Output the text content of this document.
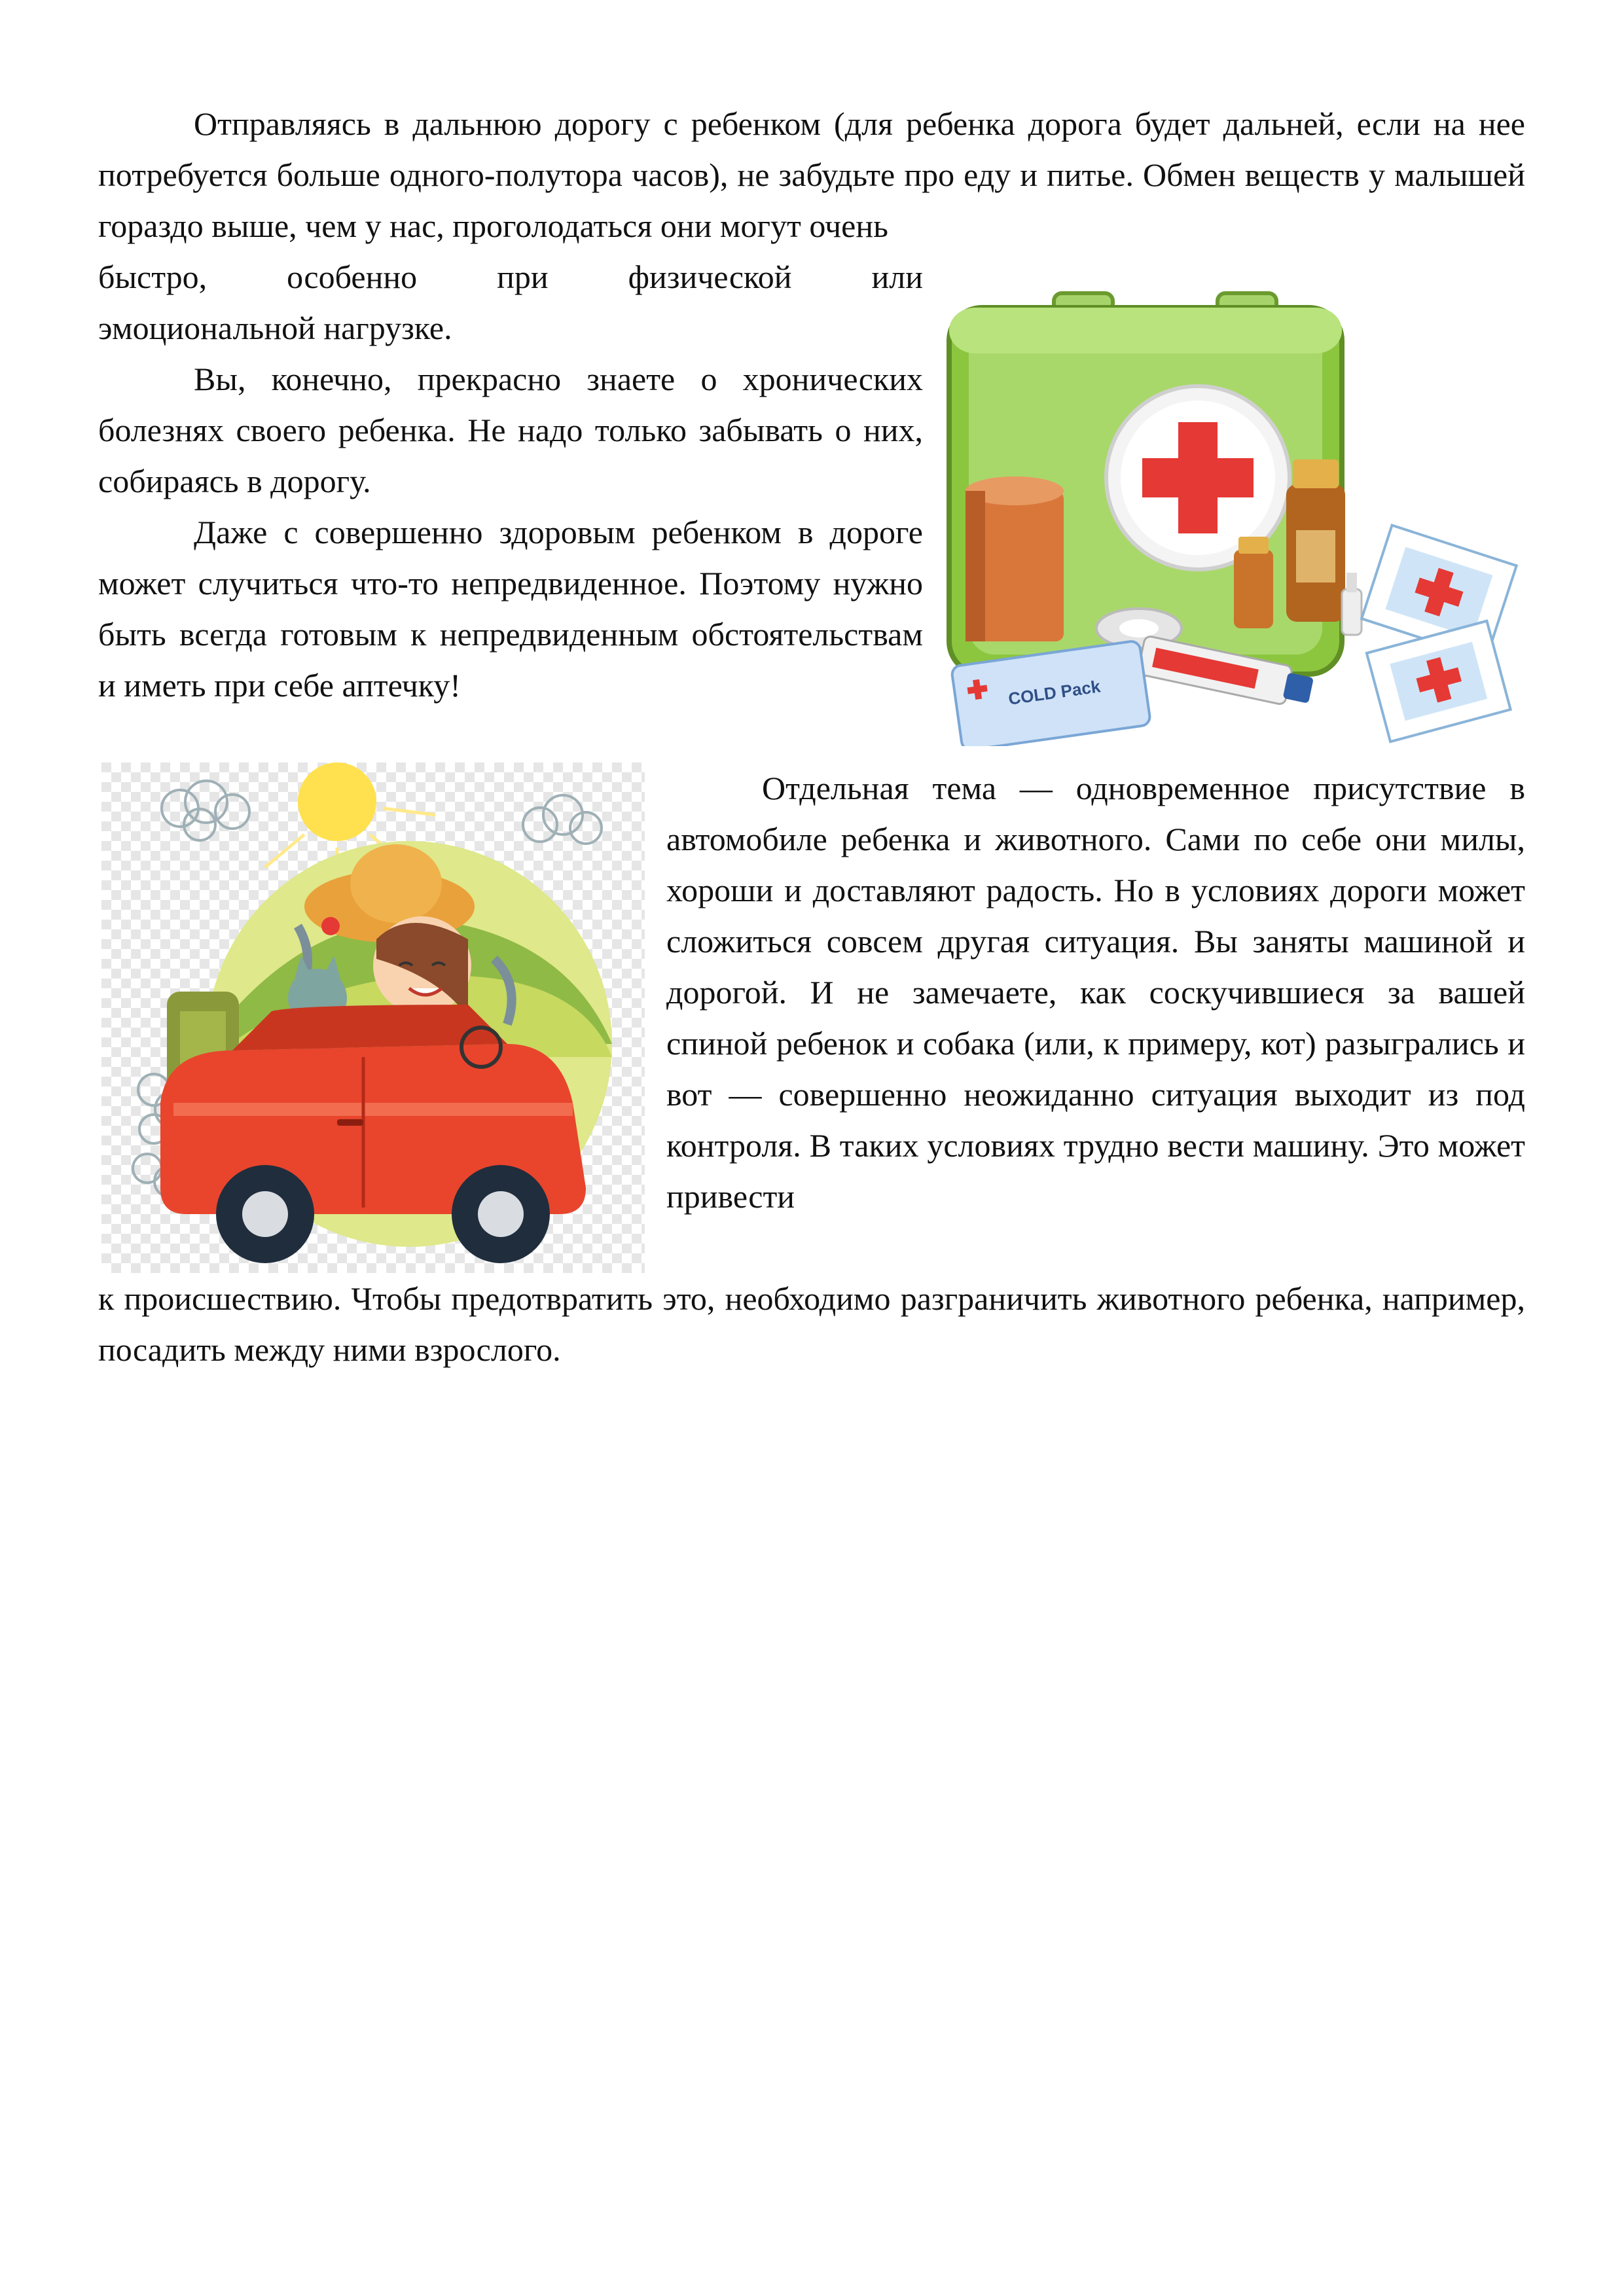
Отправляясь в дальнюю дорогу с ребенком (для ребенка дорога будет дальней, если на нее потребуется больше одного-полутора часов), не забудьте про еду и питье. Обмен веществ у малышей гораздо выше, чем у нас, проголодаться они могут очень

быстро, особенно при физической или

эмоциональной нагрузке.

Вы, конечно, прекрасно знаете о хронических болезнях своего ребенка. Не надо только забывать о них, собираясь в дорогу.

Даже с совершенно здоровым ребенком в дороге может случиться что-то непредвиденное. Поэтому нужно быть всегда готовым к непредвиденным обстоятельствам и иметь при себе аптечку!	COLD Pack

Отдельная тема — одновременное присутствие в автомобиле ребенка и животного. Сами по себе они милы, хороши и доставляют радость. Но в условиях дороги может сложиться совсем другая ситуация. Вы заняты машиной и дорогой. И не замечаете, как соскучившиеся за вашей спиной ребенок и собака (или, к примеру, кот) разыгрались и вот — совершенно неожиданно ситуация выходит из под контроля. В таких условиях трудно вести машину. Это может привести

к происшествию. Чтобы предотвратить это, необходимо разграничить животного ребенка, например, посадить между ними взрослого.
